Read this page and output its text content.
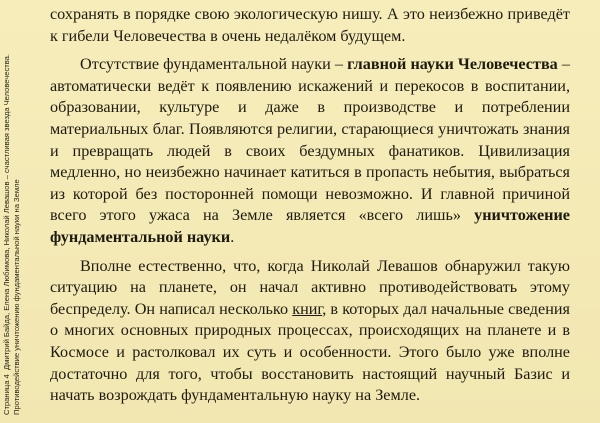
Страница 4  Дмитрий Байда, Елена Любимова, Николай Левашов – счастливая звезда Человечества. Противодействие уничтожению фундаментальной науки на Земле

сохранять в порядке свою экологическую нишу. А это неизбежно приведёт к гибели Человечества в очень недалёком будущем.

Отсутствие фундаментальной науки – главной науки Человечества – автоматически ведёт к появлению искажений и перекосов в воспитании, образовании, культуре и даже в производстве и потреблении материальных благ. Появляются религии, старающиеся уничтожать знания и превращать людей в своих бездумных фанатиков. Цивилизация медленно, но неизбежно начинает катиться в пропасть небытия, выбраться из которой без посторонней помощи невозможно. И главной причиной всего этого ужаса на Земле является «всего лишь» уничтожение фундаментальной науки.

Вполне естественно, что, когда Николай Левашов обнаружил такую ситуацию на планете, он начал активно противодействовать этому беспределу. Он написал несколько книг, в которых дал начальные сведения о многих основных природных процессах, происходящих на планете и в Космосе и растолковал их суть и особенности. Этого было уже вполне достаточно для того, чтобы восстановить настоящий научный Базис и начать возрождать фундаментальную науку на Земле.
